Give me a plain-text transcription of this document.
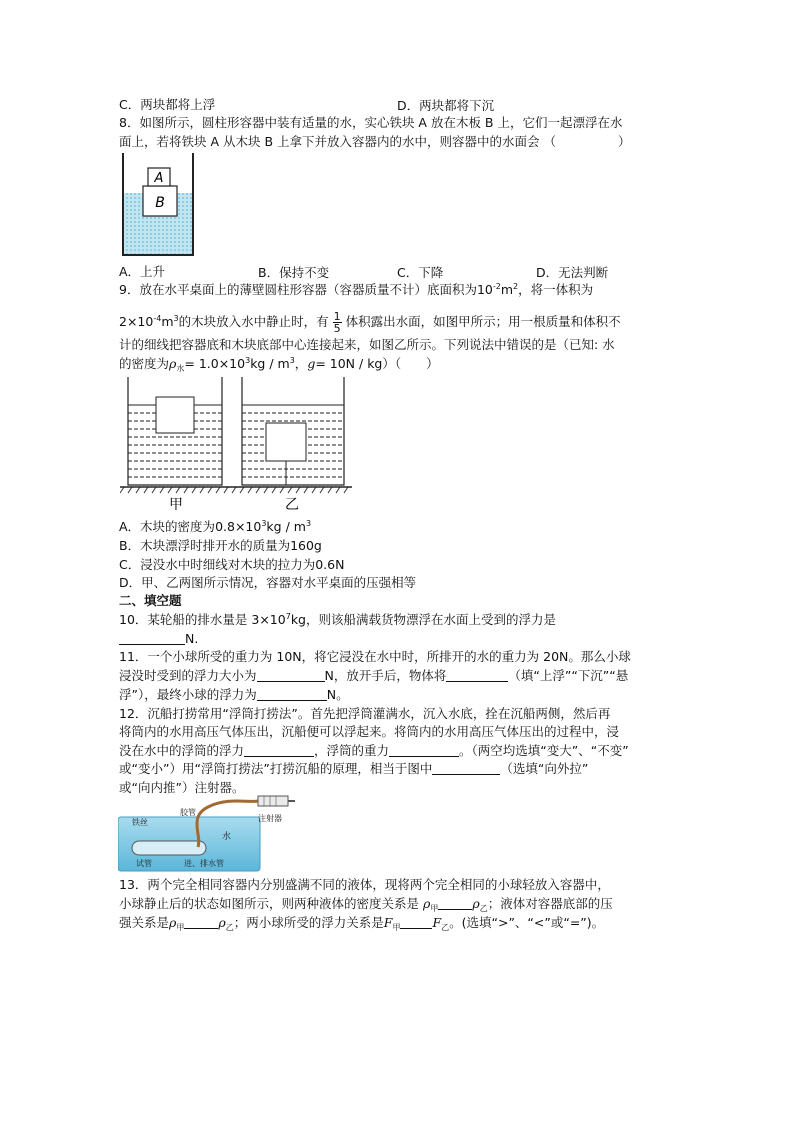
C．两块都将上浮	D．两块都将下沉
8．如图所示，圆柱形容器中装有适量的水，实心铁块 A 放在木板 B 上，它们一起漂浮在水
面上，若将铁块 A 从木块 B 上拿下并放入容器内的水中，则容器中的水面会 （	）
A
B
A．上升	B．保持不变	C．下降	D．无法判断
9．放在水平桌面上的薄壁圆柱形容器（容器质量不计）底面积为$10^{-2}m^2$，将一体积为
$2\times 10^{-4}m^3$的木块放入水中静止时，有 $\frac{1}{5}$ 体积露出水面，如图甲所示；用一根质量和体积不
计的细线把容器底和木块底部中心连接起来，如图乙所示。下列说法中错误的是（已知: 水
的密度为$\rho_水= 1.0\times 10^3kg / m^3$，g= 10N / kg）（　　）
甲	乙
A．木块的密度为$0.8\times 10^3kg / m^3$
B．木块漂浮时排开水的质量为160g
C．浸没水中时细线对木块的拉力为0.6N
D．甲、乙两图所示情况，容器对水平桌面的压强相等
二、填空题
10．某轮船的排水量是 $3\times 10^7kg$，则该船满载货物漂浮在水面上受到的浮力是
N.
11．一个小球所受的重力为 10N，将它浸没在水中时，所排开的水的重力为 20N。那么小球
浸没时受到的浮力大小为	N，放开手后，物体将	（填“上浮”“下沉”“悬
浮”），最终小球的浮力为	N。
12．沉船打捞常用“浮筒打捞法”。首先把浮筒灌满水，沉入水底，拴在沉船两侧，然后再
将筒内的水用高压气体压出，沉船便可以浮起来。将筒内的水用高压气体压出的过程中，浸
没在水中的浮筒的浮力	，浮筒的重力	。（两空均选填“变大”、“不变”
或“变小”）用“浮筒打捞法”打捞沉船的原理，相当于图中	（选填“向外拉”
或“向内推”）注射器。
胶管
铁丝	注射器
水
试管	进、排水管
13．两个完全相同容器内分别盛满不同的液体，现将两个完全相同的小球轻放入容器中，
小球静止后的状态如图所示，则两种液体的密度关系是 $\rho_甲$	$\rho_乙$；液体对容器底部的压
强关系是$\rho_甲$	$\rho_乙$；两小球所受的浮力关系是$F_甲$	$F_乙$。(选填“>”、“<”或“=”)。
